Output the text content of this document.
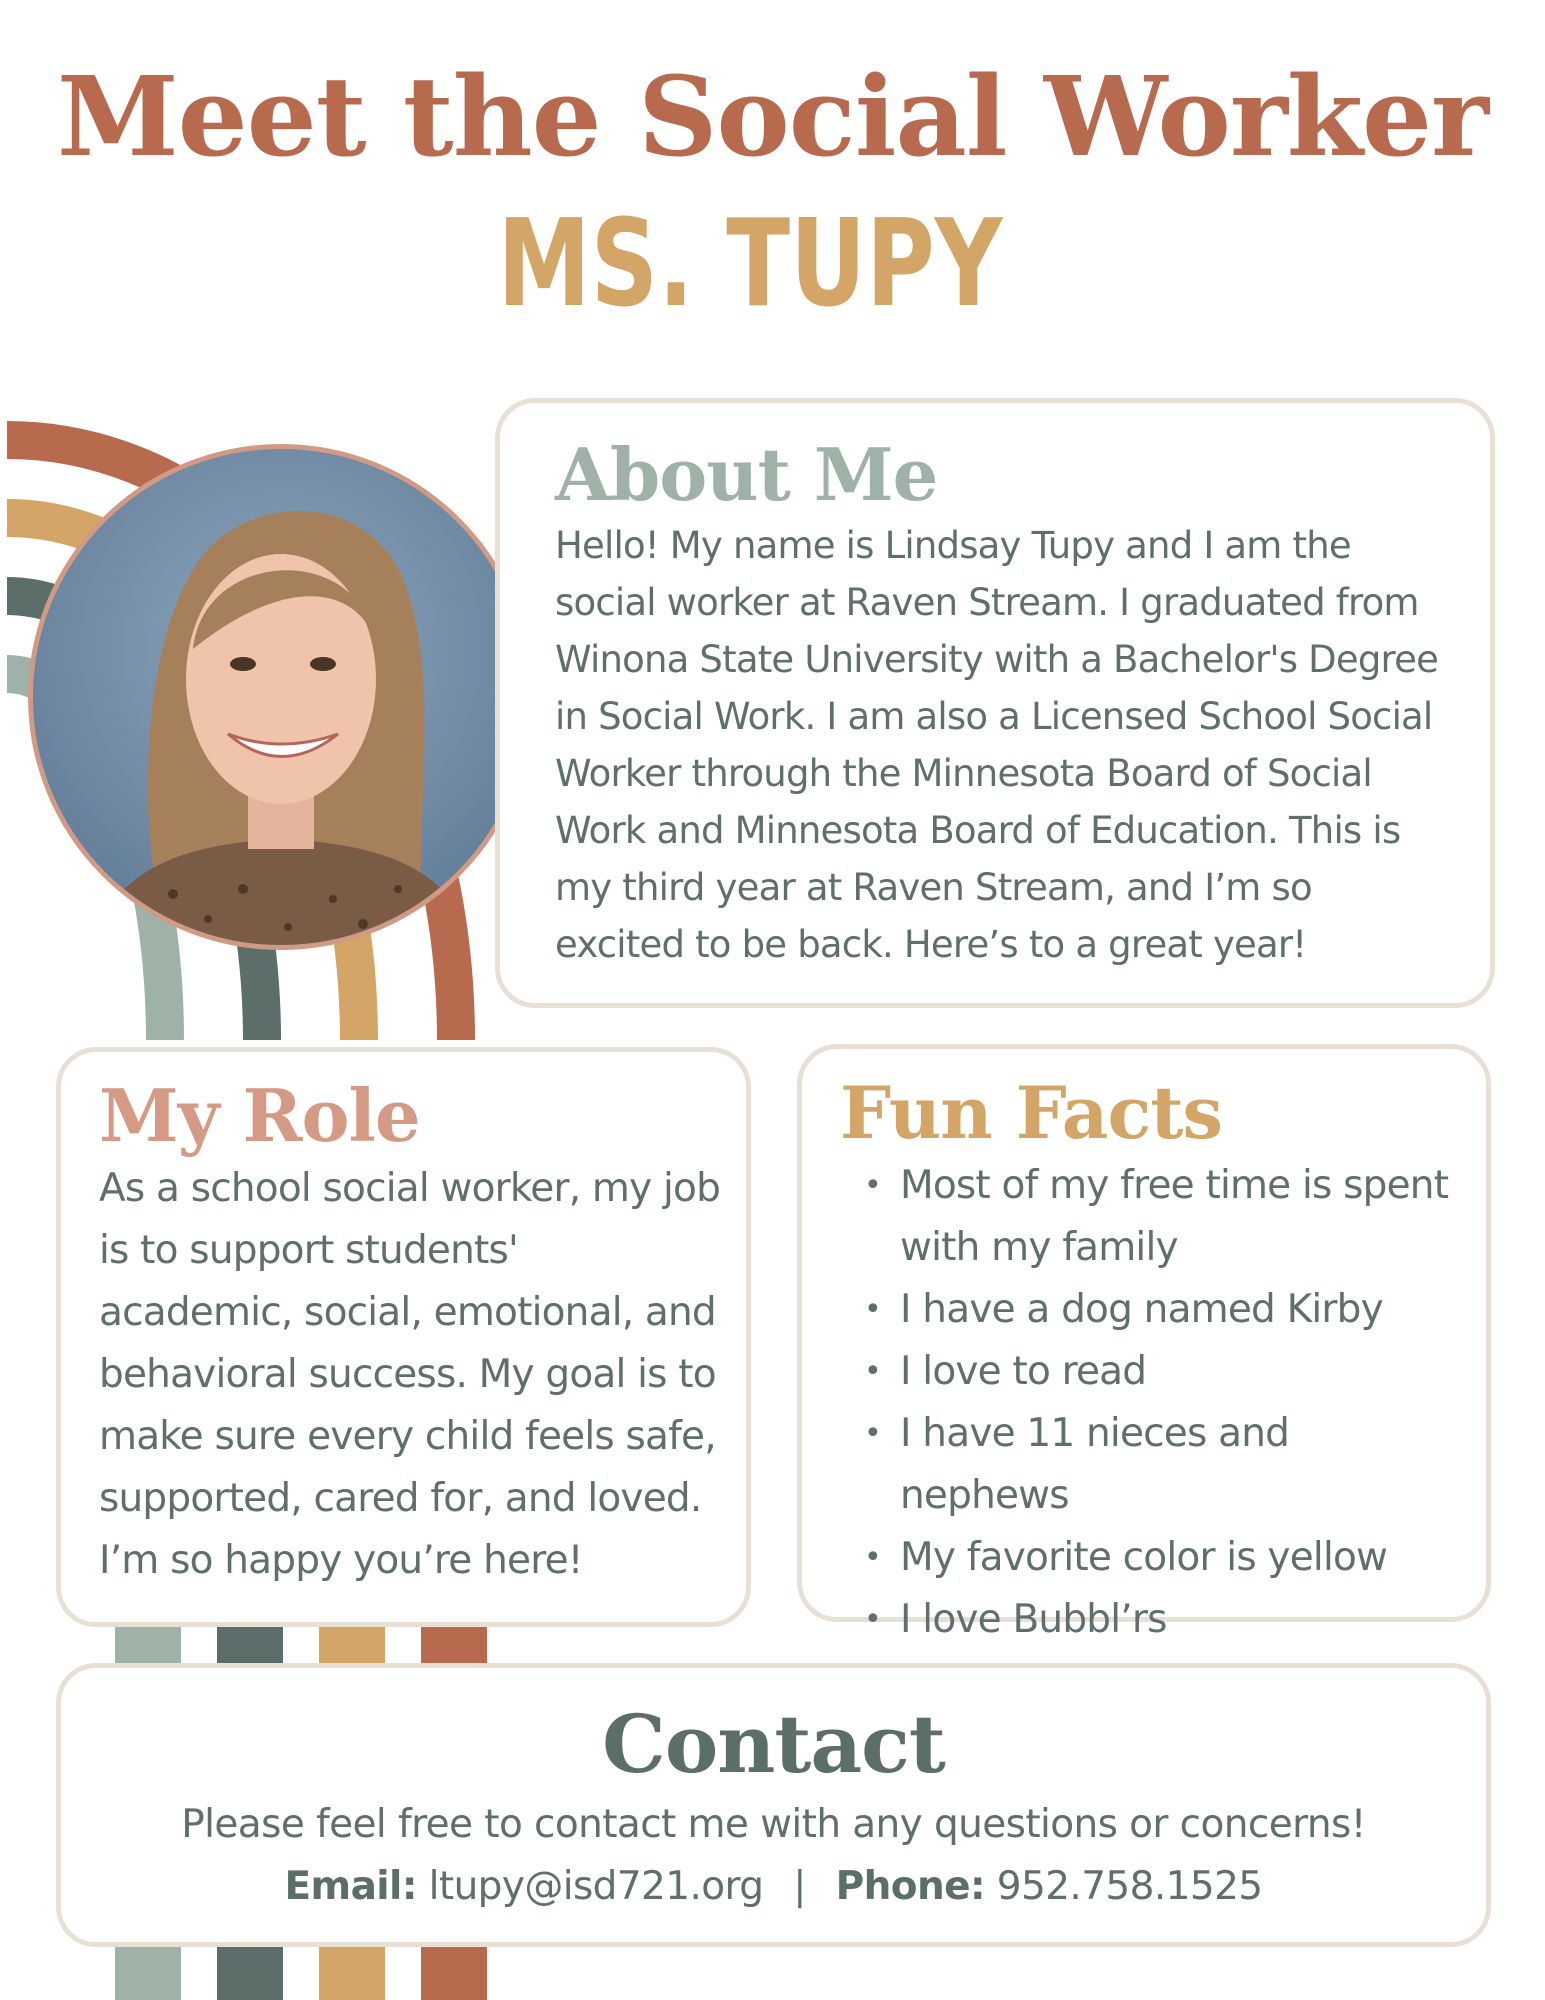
Meet the Social Worker
MS. TUPY
About Me

Hello! My name is Lindsay Tupy and I am the social worker at Raven Stream. I graduated from Winona State University with a Bachelor's Degree in Social Work. I am also a Licensed School Social Worker through the Minnesota Board of Social Work and Minnesota Board of Education. This is my third year at Raven Stream, and I’m so excited to be back. Here’s to a great year!

My Role

As a school social worker, my job is to support students' academic, social, emotional, and behavioral success. My goal is to make sure every child feels safe, supported, cared for, and loved. I’m so happy you’re here!

Fun Facts
• Most of my free time is spent with my family
• I have a dog named Kirby
• I love to read
• I have 11 nieces and nephews
• My favorite color is yellow
• I love Bubbl’rs
Contact

Please feel free to contact me with any questions or concerns!

Email: ltupy@isd721.org | Phone: 952.758.1525
